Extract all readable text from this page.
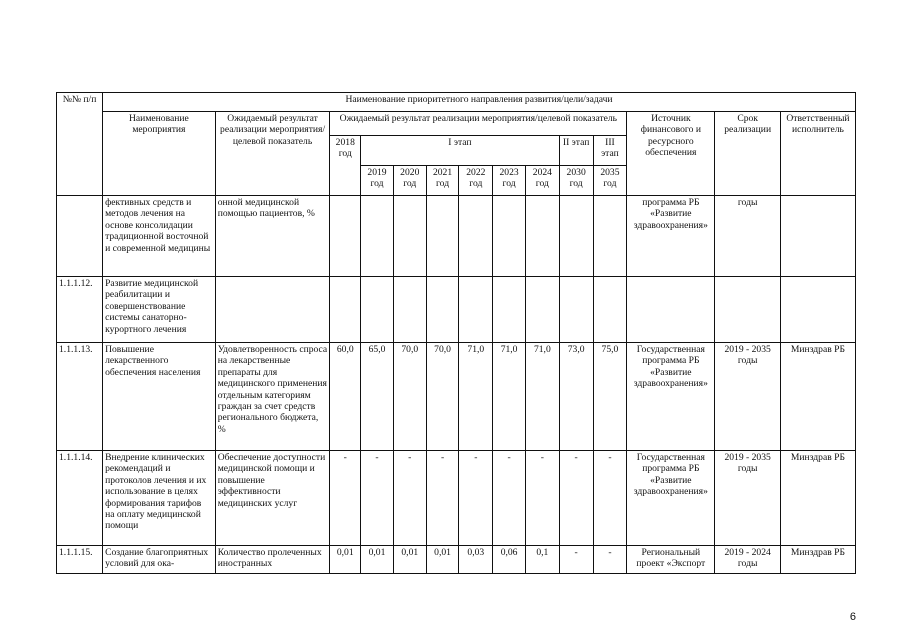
№№ п/п	Наименование приоритетного направления развития/цели/задачи													
	Наименование мероприятия	Ожидаемый результат реализации мероприятия/целевой показатель	Ожидаемый результат реализации мероприятия/целевой показатель									Источник финансового и ресурсного обеспечения	Срок реализации	Ответственный исполнитель
			2018 год	I этап						II этап	III этап			
				2019 год	2020 год	2021 год	2022 год	2023 год	2024 год	2030 год	2035 год			

	фективных средств и методов лечения на основе консолидации традиционной восточной и современной медицины	онной медицинской помощью пациентов, %										программа РБ «Развитие здравоохранения»	годы	
1.1.1.12.	Развитие медицинской реабилитации и совершенствование системы санаторно-курортного лечения													
1.1.1.13.	Повышение лекарственного обеспечения населения	Удовлетворенность спроса на лекарственные препараты для медицинского применения отдельным категориям граждан за счет средств регионального бюджета, %	60,0	65,0	70,0	70,0	71,0	71,0	71,0	73,0	75,0	Государственная программа РБ «Развитие здравоохранения»	2019 - 2035 годы	Минздрав РБ
1.1.1.14.	Внедрение клинических рекомендаций и протоколов лечения и их использование в целях формирования тарифов на оплату медицинской помощи	Обеспечение доступности медицинской помощи и повышение эффективности медицинских услуг	-	-	-	-	-	-	-	-	-	Государственная программа РБ «Развитие здравоохранения»	2019 - 2035 годы	Минздрав РБ
1.1.1.15.	Создание благоприятных условий для ока-	Количество пролеченных иностранных	0,01	0,01	0,01	0,01	0,03	0,06	0,1	-	-	Региональный проект «Экспорт	2019 - 2024 годы	Минздрав РБ
6
